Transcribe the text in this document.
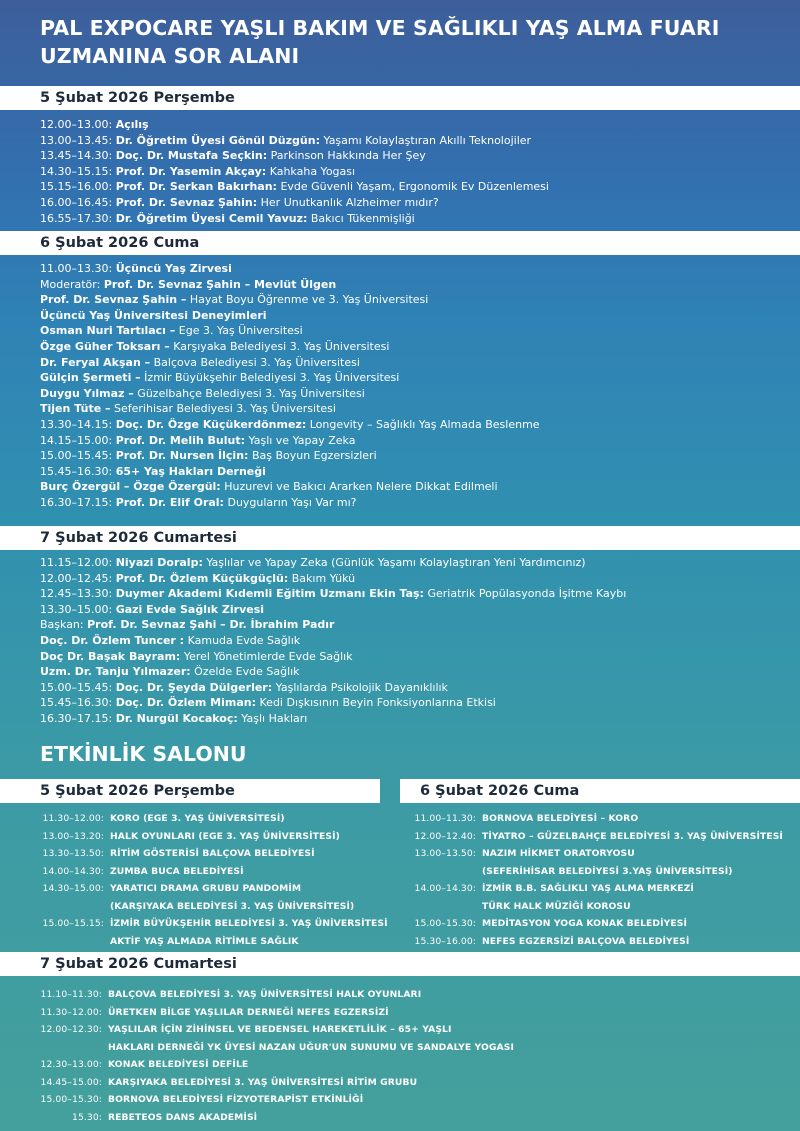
PAL EXPOCARE YAŞLI BAKIM VE SAĞLIKLI YAŞ ALMA FUARI
UZMANINA SOR ALANI
5 Şubat 2026 Perşembe
12.00–13.00: Açılış
13.00–13.45: Dr. Öğretim Üyesi Gönül Düzgün: Yaşamı Kolaylaştıran Akıllı Teknolojiler
13.45–14.30: Doç. Dr. Mustafa Seçkin: Parkinson Hakkında Her Şey
14.30–15.15: Prof. Dr. Yasemin Akçay: Kahkaha Yogası
15.15–16.00: Prof. Dr. Serkan Bakırhan: Evde Güvenli Yaşam, Ergonomik Ev Düzenlemesi
16.00–16.45: Prof. Dr. Sevnaz Şahin: Her Unutkanlık Alzheimer mıdır?
16.55–17.30: Dr. Öğretim Üyesi Cemil Yavuz: Bakıcı Tükenmişliği
6 Şubat 2026 Cuma
11.00–13.30: Üçüncü Yaş Zirvesi
Moderatör: Prof. Dr. Sevnaz Şahin – Mevlüt Ülgen
Prof. Dr. Sevnaz Şahin – Hayat Boyu Öğrenme ve 3. Yaş Üniversitesi
Üçüncü Yaş Üniversitesi Deneyimleri
Osman Nuri Tartılacı – Ege 3. Yaş Üniversitesi
Özge Güher Toksarı – Karşıyaka Belediyesi 3. Yaş Üniversitesi
Dr. Feryal Akşan – Balçova Belediyesi 3. Yaş Üniversitesi
Gülçin Şermeti – İzmir Büyükşehir Belediyesi 3. Yaş Üniversitesi
Duygu Yılmaz – Güzelbahçe Belediyesi 3. Yaş Üniversitesi
Tijen Tüte – Seferihisar Belediyesi 3. Yaş Üniversitesi
13.30–14.15: Doç. Dr. Özge Küçükerdönmez: Longevity – Sağlıklı Yaş Almada Beslenme
14.15–15.00: Prof. Dr. Melih Bulut: Yaşlı ve Yapay Zeka
15.00–15.45: Prof. Dr. Nursen İlçin: Baş Boyun Egzersizleri
15.45–16.30: 65+ Yaş Hakları Derneği
Burç Özergül – Özge Özergül: Huzurevi ve Bakıcı Ararken Nelere Dikkat Edilmeli
16.30–17.15: Prof. Dr. Elif Oral: Duyguların Yaşı Var mı?
7 Şubat 2026 Cumartesi
11.15–12.00: Niyazi Doralp: Yaşlılar ve Yapay Zeka (Günlük Yaşamı Kolaylaştıran Yeni Yardımcınız)
12.00–12.45: Prof. Dr. Özlem Küçükgüçlü: Bakım Yükü
12.45–13.30: Duymer Akademi Kıdemli Eğitim Uzmanı Ekin Taş: Geriatrik Popülasyonda İşitme Kaybı
13.30–15.00: Gazi Evde Sağlık Zirvesi
Başkan: Prof. Dr. Sevnaz Şahi – Dr. İbrahim Padır
Doç. Dr. Özlem Tuncer : Kamuda Evde Sağlık
Doç Dr. Başak Bayram: Yerel Yönetimlerde Evde Sağlık
Uzm. Dr. Tanju Yılmazer: Özelde Evde Sağlık
15.00–15.45: Doç. Dr. Şeyda Dülgerler: Yaşlılarda Psikolojik Dayanıklılık
15.45–16.30: Doç. Dr. Özlem Miman: Kedi Dışkısının Beyin Fonksiyonlarına Etkisi
16.30–17.15: Dr. Nurgül Kocakoç: Yaşlı Hakları
ETKİNLİK SALONU
5 Şubat 2026 Perşembe	6 Şubat 2026 Cuma
11.30–12.00: KORO (EGE 3. YAŞ ÜNİVERSİTESİ)
13.00–13.20: HALK OYUNLARI (EGE 3. YAŞ ÜNİVERSİTESİ)
13.30–13.50: RİTİM GÖSTERİSİ BALÇOVA BELEDİYESİ
14.00–14.30: ZUMBA BUCA BELEDİYESİ
14.30–15.00: YARATICI DRAMA GRUBU PANDOMİM
(KARŞIYAKA BELEDİYESİ 3. YAŞ ÜNİVERSİTESİ)
15.00–15.15: İZMİR BÜYÜKŞEHİR BELEDİYESİ 3. YAŞ ÜNİVERSİTESİ
AKTİF YAŞ ALMADA RİTİMLE SAĞLIK
11.00–11.30: BORNOVA BELEDİYESİ – KORO
12.00–12.40: TİYATRO – GÜZELBAHÇE BELEDİYESİ 3. YAŞ ÜNİVERSİTESİ
13.00–13.50: NAZIM HİKMET ORATORYOSU
(SEFERİHİSAR BELEDİYESİ 3.YAŞ ÜNİVERSİTESİ)
14.00–14.30: İZMİR B.B. SAĞLIKLI YAŞ ALMA MERKEZİ
TÜRK HALK MÜZİĞİ KOROSU
15.00–15.30: MEDİTASYON YOGA KONAK BELEDİYESİ
15.30–16.00: NEFES EGZERSİZİ BALÇOVA BELEDİYESİ
7 Şubat 2026 Cumartesi
11.10–11.30: BALÇOVA BELEDİYESİ 3. YAŞ ÜNİVERSİTESİ HALK OYUNLARI
11.30–12.00: ÜRETKEN BİLGE YAŞLILAR DERNEĞİ NEFES EGZERSİZİ
12.00–12.30: YAŞLILAR İÇİN ZİHİNSEL VE BEDENSEL HAREKETLİLİK – 65+ YAŞLI
HAKLARI DERNEĞİ YK ÜYESİ NAZAN UĞUR'UN SUNUMU VE SANDALYE YOGASI
12.30–13.00: KONAK BELEDİYESİ DEFİLE
14.45–15.00: KARŞIYAKA BELEDİYESİ 3. YAŞ ÜNİVERSİTESİ RİTİM GRUBU
15.00–15.30: BORNOVA BELEDİYESİ FİZYOTERAPİST ETKİNLİĞİ
15.30: REBETEOS DANS AKADEMİSİ
